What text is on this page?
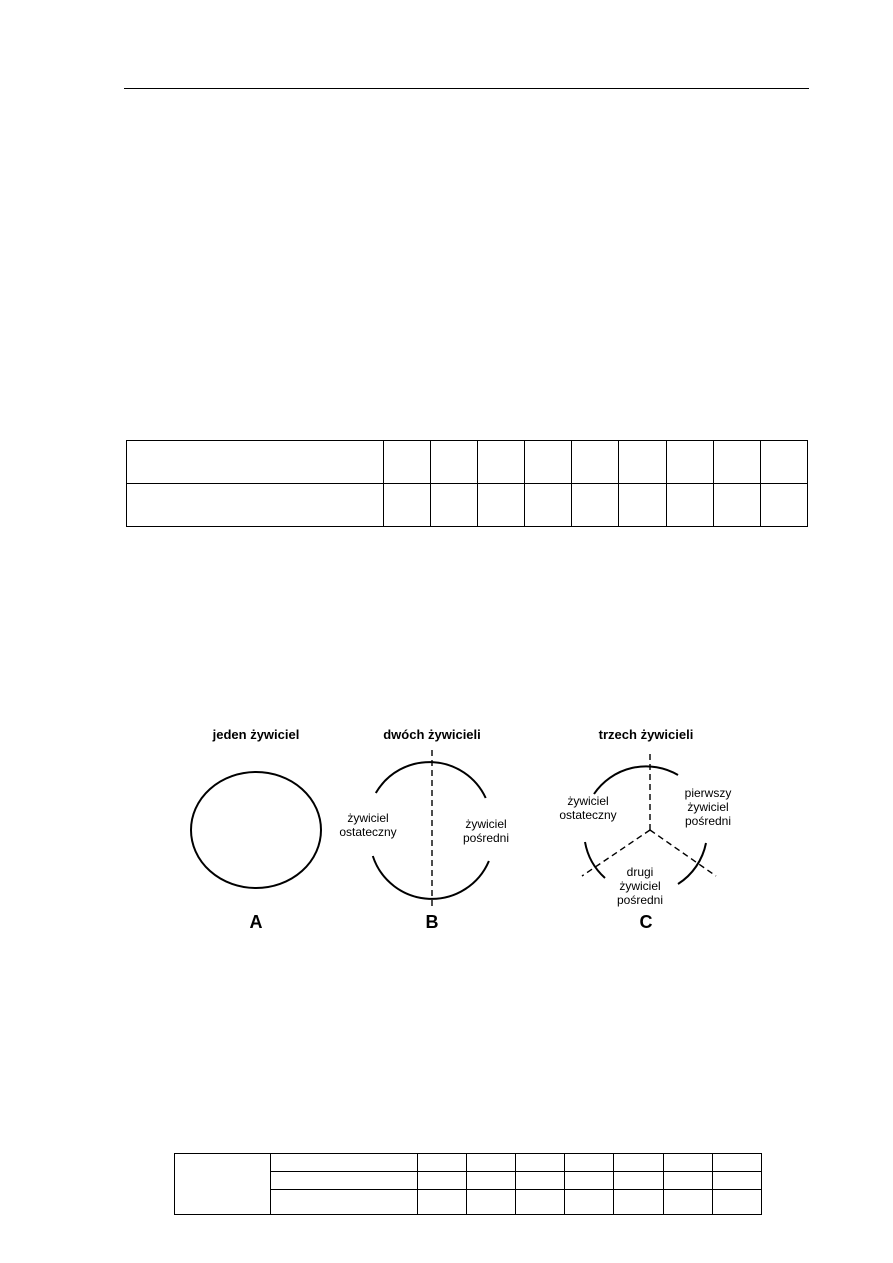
jeden żywiciel
A
dwóch żywicieli
żywiciel
ostateczny
żywiciel
pośredni
B
trzech żywicieli
żywiciel
ostateczny
pierwszy
żywiciel
pośredni
drugi
żywiciel
pośredni
C
